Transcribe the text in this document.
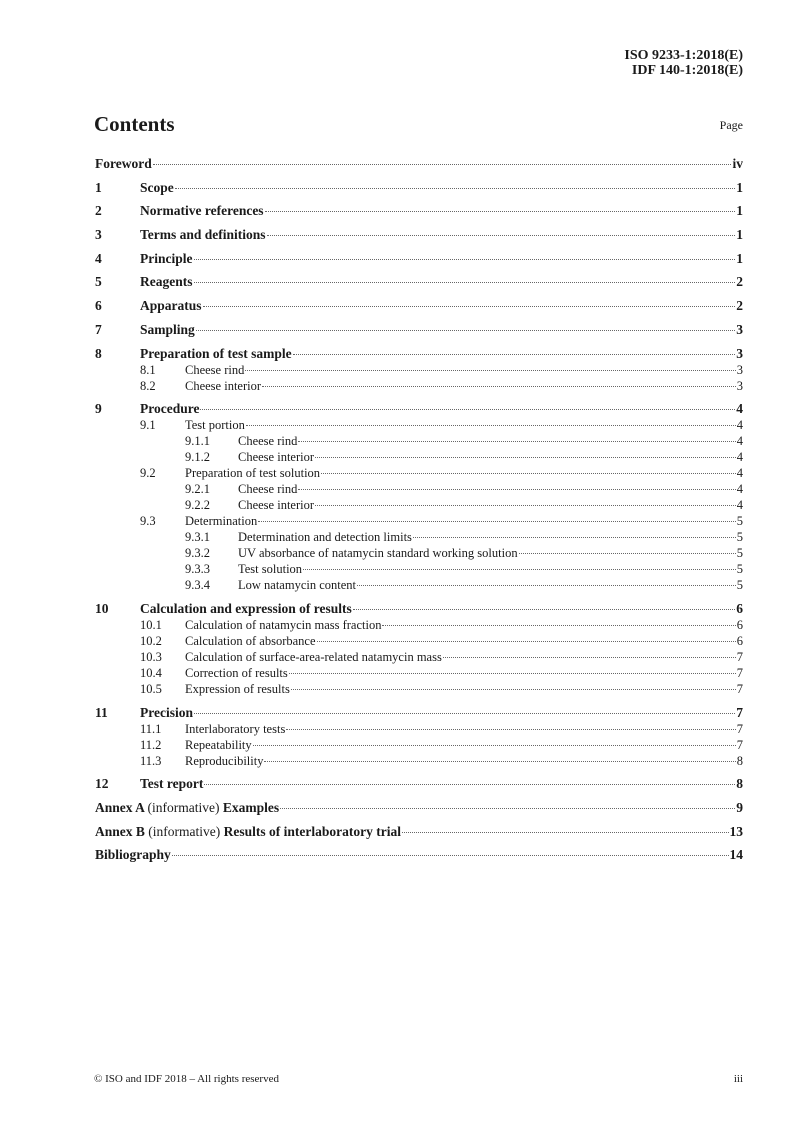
ISO 9233-1:2018(E)
IDF 140-1:2018(E)
Contents	Page
Foreword	iv
1	Scope	1
2	Normative references	1
3	Terms and definitions	1
4	Principle	1
5	Reagents	2
6	Apparatus	2
7	Sampling	3
8	Preparation of test sample	3
8.1	Cheese rind	3
8.2	Cheese interior	3
9	Procedure	4
9.1	Test portion	4
9.1.1	Cheese rind	4
9.1.2	Cheese interior	4
9.2	Preparation of test solution	4
9.2.1	Cheese rind	4
9.2.2	Cheese interior	4
9.3	Determination	5
9.3.1	Determination and detection limits	5
9.3.2	UV absorbance of natamycin standard working solution	5
9.3.3	Test solution	5
9.3.4	Low natamycin content	5
10	Calculation and expression of results	6
10.1	Calculation of natamycin mass fraction	6
10.2	Calculation of absorbance	6
10.3	Calculation of surface-area-related natamycin mass	7
10.4	Correction of results	7
10.5	Expression of results	7
11	Precision	7
11.1	Interlaboratory tests	7
11.2	Repeatability	7
11.3	Reproducibility	8
12	Test report	8
Annex A (informative) Examples	9
Annex B (informative) Results of interlaboratory trial	13
Bibliography	14
© ISO and IDF 2018 – All rights reserved	iii
